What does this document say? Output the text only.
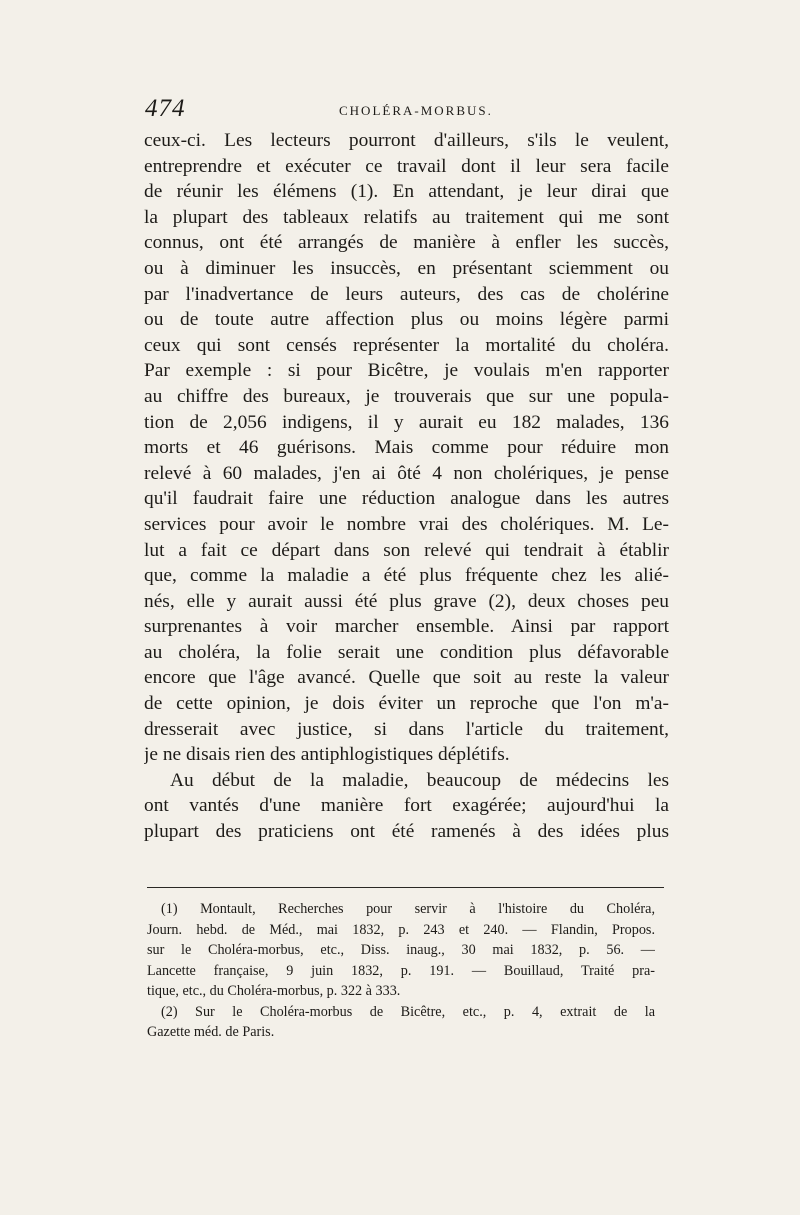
474	CHOLÉRA-MORBUS.
ceux-ci. Les lecteurs pourront d'ailleurs, s'ils le veulent,
entreprendre et exécuter ce travail dont il leur sera facile
de réunir les élémens (1). En attendant, je leur dirai que
la plupart des tableaux relatifs au traitement qui me sont
connus, ont été arrangés de manière à enfler les succès,
ou à diminuer les insuccès, en présentant sciemment ou
par l'inadvertance de leurs auteurs, des cas de cholérine
ou de toute autre affection plus ou moins légère parmi
ceux qui sont censés représenter la mortalité du choléra.
Par exemple : si pour Bicêtre, je voulais m'en rapporter
au chiffre des bureaux, je trouverais que sur une popula-
tion de 2,056 indigens, il y aurait eu 182 malades, 136
morts et 46 guérisons. Mais comme pour réduire mon
relevé à 60 malades, j'en ai ôté 4 non cholériques, je pense
qu'il faudrait faire une réduction analogue dans les autres
services pour avoir le nombre vrai des cholériques. M. Le-
lut a fait ce départ dans son relevé qui tendrait à établir
que, comme la maladie a été plus fréquente chez les alié-
nés, elle y aurait aussi été plus grave (2), deux choses peu
surprenantes à voir marcher ensemble. Ainsi par rapport
au choléra, la folie serait une condition plus défavorable
encore que l'âge avancé. Quelle que soit au reste la valeur
de cette opinion, je dois éviter un reproche que l'on m'a-
dresserait avec justice, si dans l'article du traitement,
je ne disais rien des antiphlogistiques déplétifs.
Au début de la maladie, beaucoup de médecins les
ont vantés d'une manière fort exagérée; aujourd'hui la
plupart des praticiens ont été ramenés à des idées plus
(1) Montault, Recherches pour servir à l'histoire du Choléra,
Journ. hebd. de Méd., mai 1832, p. 243 et 240. — Flandin, Propos.
sur le Choléra-morbus, etc., Diss. inaug., 30 mai 1832, p. 56. —
Lancette française, 9 juin 1832, p. 191. — Bouillaud, Traité pra-
tique, etc., du Choléra-morbus, p. 322 à 333.
(2) Sur le Choléra-morbus de Bicêtre, etc., p. 4, extrait de la
Gazette méd. de Paris.
